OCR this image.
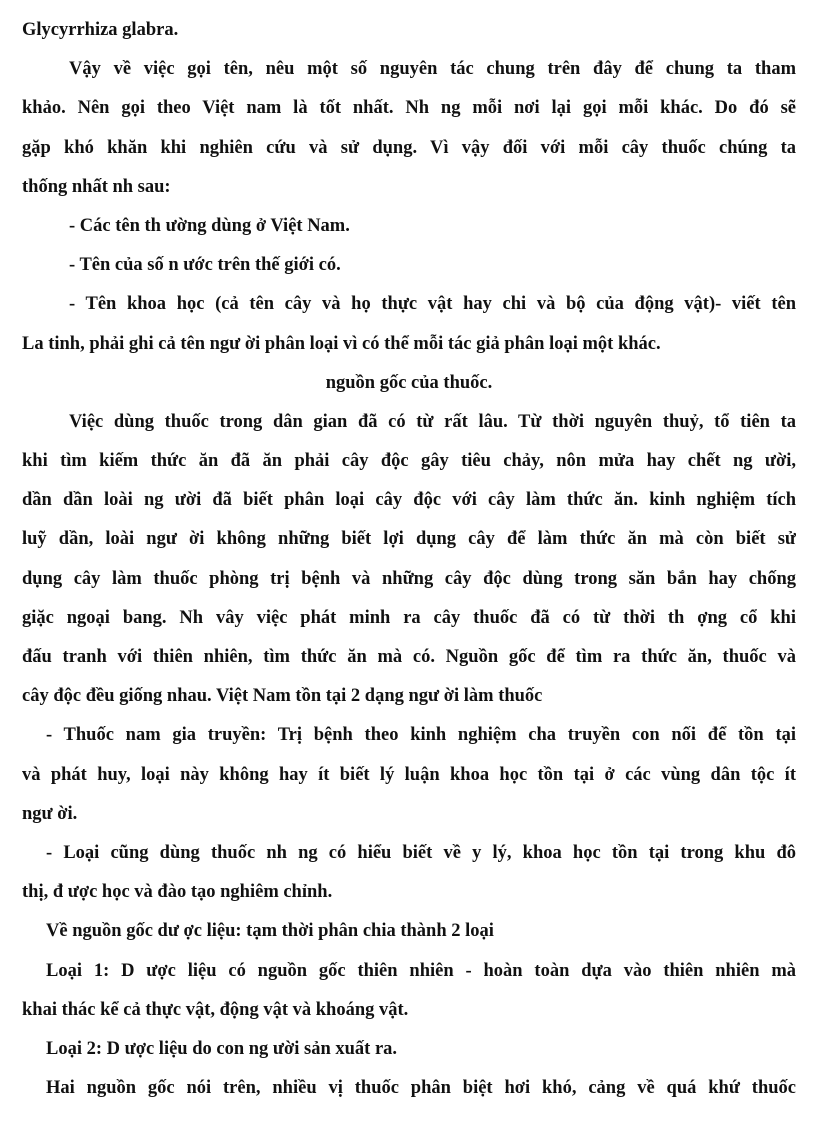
Glycyrrhiza glabra.

Vậy về việc gọi tên, nêu một số nguyên tác chung trên đây để chung ta tham

khảo. Nên gọi theo Việt nam là tốt nhất. Nh ng mỗi nơi lại gọi mỗi khác. Do đó sẽ

gặp khó khăn khi nghiên cứu và sử dụng. Vì vậy đối với mỗi cây thuốc chúng ta

thống nhất nh sau:

- Các tên th ường dùng ở Việt Nam.

- Tên của số n ước trên thế giới có.

- Tên khoa học (cả tên cây và họ thực vật hay chi và bộ của động vật)- viết tên

La tinh, phải ghi cả tên ngư ời phân loại vì có thể mỗi tác giả phân loại một khác.

nguồn gốc của thuốc.

Việc dùng thuốc trong dân gian đã có từ rất lâu. Từ thời nguyên thuỷ, tổ tiên ta

khi tìm kiếm thức ăn đã ăn phải cây độc gây tiêu chảy, nôn mửa hay chết ng ười,

dần dần loài ng ười đã biết phân loại cây độc với cây làm thức ăn. kinh nghiệm tích

luỹ dần, loài ngư ời không những biết lợi dụng cây để làm thức ăn mà còn biết sử

dụng cây làm thuốc phòng trị bệnh và những cây độc dùng trong săn bắn hay chống

giặc ngoại bang. Nh vây việc phát minh ra cây thuốc đã có từ thời th ợng cổ khi

đấu tranh với thiên nhiên, tìm thức ăn mà có. Nguồn gốc để tìm ra thức ăn, thuốc và

cây độc đều giống nhau. Việt Nam tồn tại 2 dạng ngư ời làm thuốc

- Thuốc nam gia truyền: Trị bệnh theo kinh nghiệm cha truyền con nối để tồn tại

và phát huy, loại này không hay ít biết lý luận khoa học tồn tại ở các vùng dân tộc ít

ngư ời.

- Loại cũng dùng thuốc nh ng có hiểu biết về y lý, khoa học tồn tại trong khu đô

thị, đ ược học và đào tạo nghiêm chỉnh.

Về nguồn gốc dư ợc liệu: tạm thời phân chia thành 2 loại

Loại 1: D ược liệu có nguồn gốc thiên nhiên - hoàn toàn dựa vào thiên nhiên mà

khai thác kể cả thực vật, động vật và khoáng vật.

Loại 2: D ược liệu do con ng ười sản xuất ra.

Hai nguồn gốc nói trên, nhiều vị thuốc phân biệt hơi khó, cảng về quá khứ thuốc
